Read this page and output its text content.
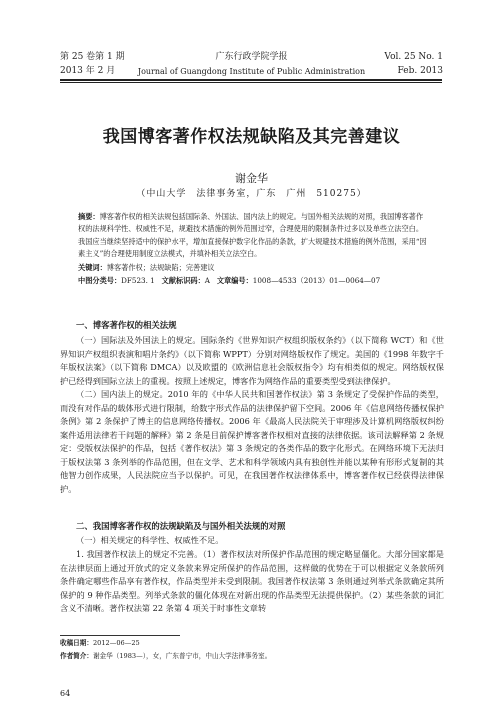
第 25 卷第 1 期
2013 年 2 月
广东行政学院学报
Journal of Guangdong Institute of Public Administration
Vol. 25 No. 1
Feb. 2013
我国博客著作权法规缺陷及其完善建议
谢金华
（中山大学　法律事务室，广东　广州　510275）
摘要：博客著作权的相关法规包括国际条、外国法、国内法上的规定。与国外相关法规的对照，我国博客著作权的法规科学性、权威性不足，规避技术措施的例外范围过窄，合理使用的限制条件过多以及单些立法空白。我国应当继续坚持适中的保护水平，增加直接保护数字化作品的条款，扩大规避技术措施的例外范围，采用“因素主义”的合理使用制度立法模式，并填补相关立法空白。
关键词：博客著作权；法规缺陷；完善建议
中图分类号：DF523. 1 文献标识码：A 文章编号：1008—4533（2013）01—0064—07
一、博客著作权的相关法规

（一）国际法及外国法上的规定。国际条约《世界知识产权组织版权条约》（以下简称 WCT）和《世界知识产权组织表演和唱片条约》（以下简称 WPPT）分别对网络版权作了规定。美国的《1998 年数字千年版权法案》（以下简称 DMCA）以及欧盟的《欧洲信息社会版权指令》均有相类似的规定。网络版权保护已经得到国际立法上的重视。按照上述规定，博客作为网络作品的重要类型受到法律保护。

（二）国内法上的规定。2010 年的《中华人民共和国著作权法》第 3 条规定了受保护作品的类型，而没有对作品的载体形式进行限制，给数字形式作品的法律保护留下空间。2006 年《信息网络传播权保护条例》第 2 条保护了博主的信息网络传播权。2006 年《最高人民法院关于审理涉及计算机网络版权纠纷案件适用法律若干问题的解释》第 2 条是目前保护博客著作权相对直接的法律依据。该司法解释第 2 条规定：受版权法保护的作品，包括《著作权法》第 3 条规定的各类作品的数字化形式。在网络环境下无法归于版权法第 3 条列举的作品范围，但在文学、艺术和科学领域内具有独创性并能以某种有形形式复制的其他智力创作成果，人民法院应当予以保护。可见，在我国著作权法律体系中，博客著作权已经获得法律保护。

二、我国博客著作权的法规缺陷及与国外相关法规的对照
（一）相关规定的科学性、权威性不足。

1. 我国著作权法上的规定不完善。（1）著作权法对所保护作品范围的规定略显僵化。大部分国家都是在法律层面上通过开放式的定义条款来界定所保护的作品范围，这样做的优势在于可以根据定义条款所列条件确定哪些作品享有著作权，作品类型并未受到限制。我国著作权法第 3 条则通过列举式条款确定其所保护的 9 种作品类型。列举式条款的僵化体现在对新出现的作品类型无法提供保护。（2）某些条款的词汇含义不清晰。著作权法第 22 条第 4 项关于时事性文章转

收稿日期：2012—06—25
作者简介：谢金华（1983—），女，广东普宁市，中山大学法律事务室。
64
